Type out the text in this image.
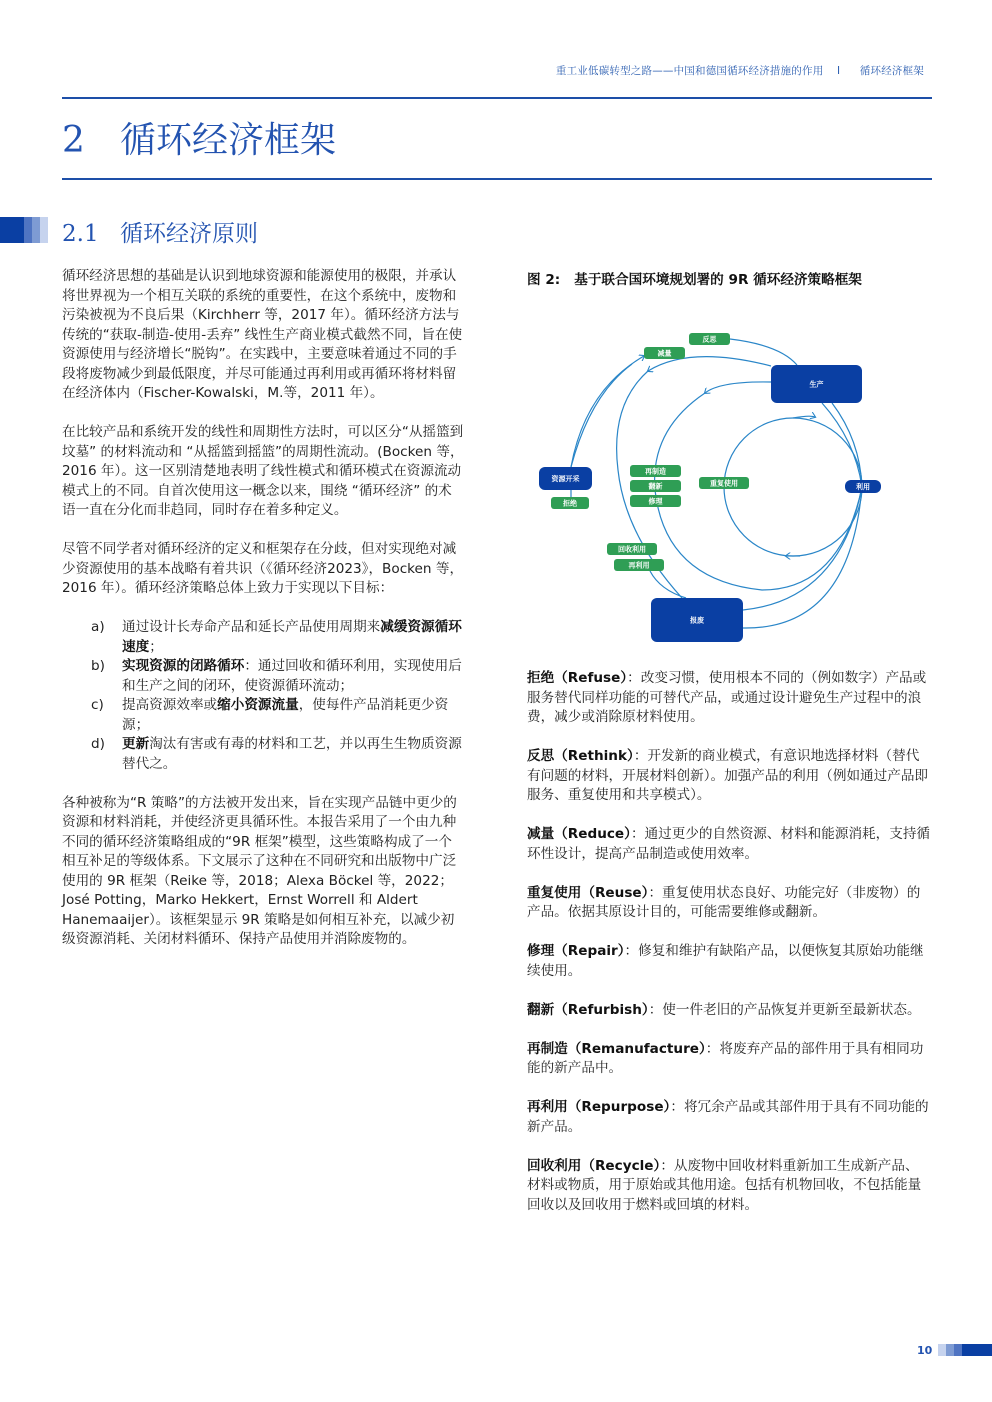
重工业低碳转型之路——中国和德国循环经济措施的作用 I 循环经济框架
2 循环经济框架
2.1 循环经济原则

循环经济思想的基础是认识到地球资源和能源使用的极限，并承认将世界视为一个相互关联的系统的重要性，在这个系统中，废物和污染被视为不良后果（Kirchherr 等，2017 年）。循环经济方法与传统的“获取-制造-使用-丢弃” 线性生产商业模式截然不同，旨在使资源使用与经济增长“脱钩”。在实践中，主要意味着通过不同的手段将废物减少到最低限度，并尽可能通过再利用或再循环将材料留在经济体内（Fischer-Kowalski，M.等，2011 年）。

在比较产品和系统开发的线性和周期性方法时，可以区分“从摇篮到坟墓” 的材料流动和 “从摇篮到摇篮”的周期性流动。(Bocken 等，2016 年）。这一区别清楚地表明了线性模式和循环模式在资源流动模式上的不同。自首次使用这一概念以来，围绕 “循环经济” 的术语一直在分化而非趋同，同时存在着多种定义。

尽管不同学者对循环经济的定义和框架存在分歧，但对实现绝对减少资源使用的基本战略有着共识（《循环经济2023》，Bocken 等，2016 年）。循环经济策略总体上致力于实现以下目标：

a) 通过设计长寿命产品和延长产品使用周期来减缓资源循环速度；
b) 实现资源的闭路循环：通过回收和循环利用，实现使用后和生产之间的闭环，使资源循环流动；
c) 提高资源效率或缩小资源流量，使每件产品消耗更少资源；
d) 更新淘汰有害或有毒的材料和工艺，并以再生生物质资源替代之。

各种被称为“R 策略”的方法被开发出来，旨在实现产品链中更少的资源和材料消耗，并使经济更具循环性。本报告采用了一个由九种不同的循环经济策略组成的“9R 框架”模型，这些策略构成了一个相互补足的等级体系。下文展示了这种在不同研究和出版物中广泛使用的 9R 框架（Reike 等，2018；Alexa Böckel 等，2022；José Potting，Marko Hekkert，Ernst Worrell 和 Aldert Hanemaaijer）。该框架显示 9R 策略是如何相互补充，以减少初级资源消耗、关闭材料循环、保持产品使用并消除废物的。

图 2: 基于联合国环境规划署的 9R 循环经济策略框架
反思
减量
生产
资源开采
拒绝
再制造
翻新
修理
重复使用	利用
回收利用
再利用
报废

拒绝（Refuse）：改变习惯，使用根本不同的（例如数字）产品或服务替代同样功能的可替代产品，或通过设计避免生产过程中的浪费，减少或消除原材料使用。

反思（Rethink）：开发新的商业模式，有意识地选择材料（替代有问题的材料，开展材料创新）。加强产品的利用（例如通过产品即服务、重复使用和共享模式）。

减量（Reduce）：通过更少的自然资源、材料和能源消耗，支持循环性设计，提高产品制造或使用效率。

重复使用（Reuse）：重复使用状态良好、功能完好（非废物）的产品。依据其原设计目的，可能需要维修或翻新。

修理（Repair）：修复和维护有缺陷产品，以便恢复其原始功能继续使用。

翻新（Refurbish）：使一件老旧的产品恢复并更新至最新状态。

再制造（Remanufacture）：将废弃产品的部件用于具有相同功能的新产品中。

再利用（Repurpose）：将冗余产品或其部件用于具有不同功能的新产品。

回收利用（Recycle）：从废物中回收材料重新加工生成新产品、材料或物质，用于原始或其他用途。包括有机物回收，不包括能量回收以及回收用于燃料或回填的材料。

10
